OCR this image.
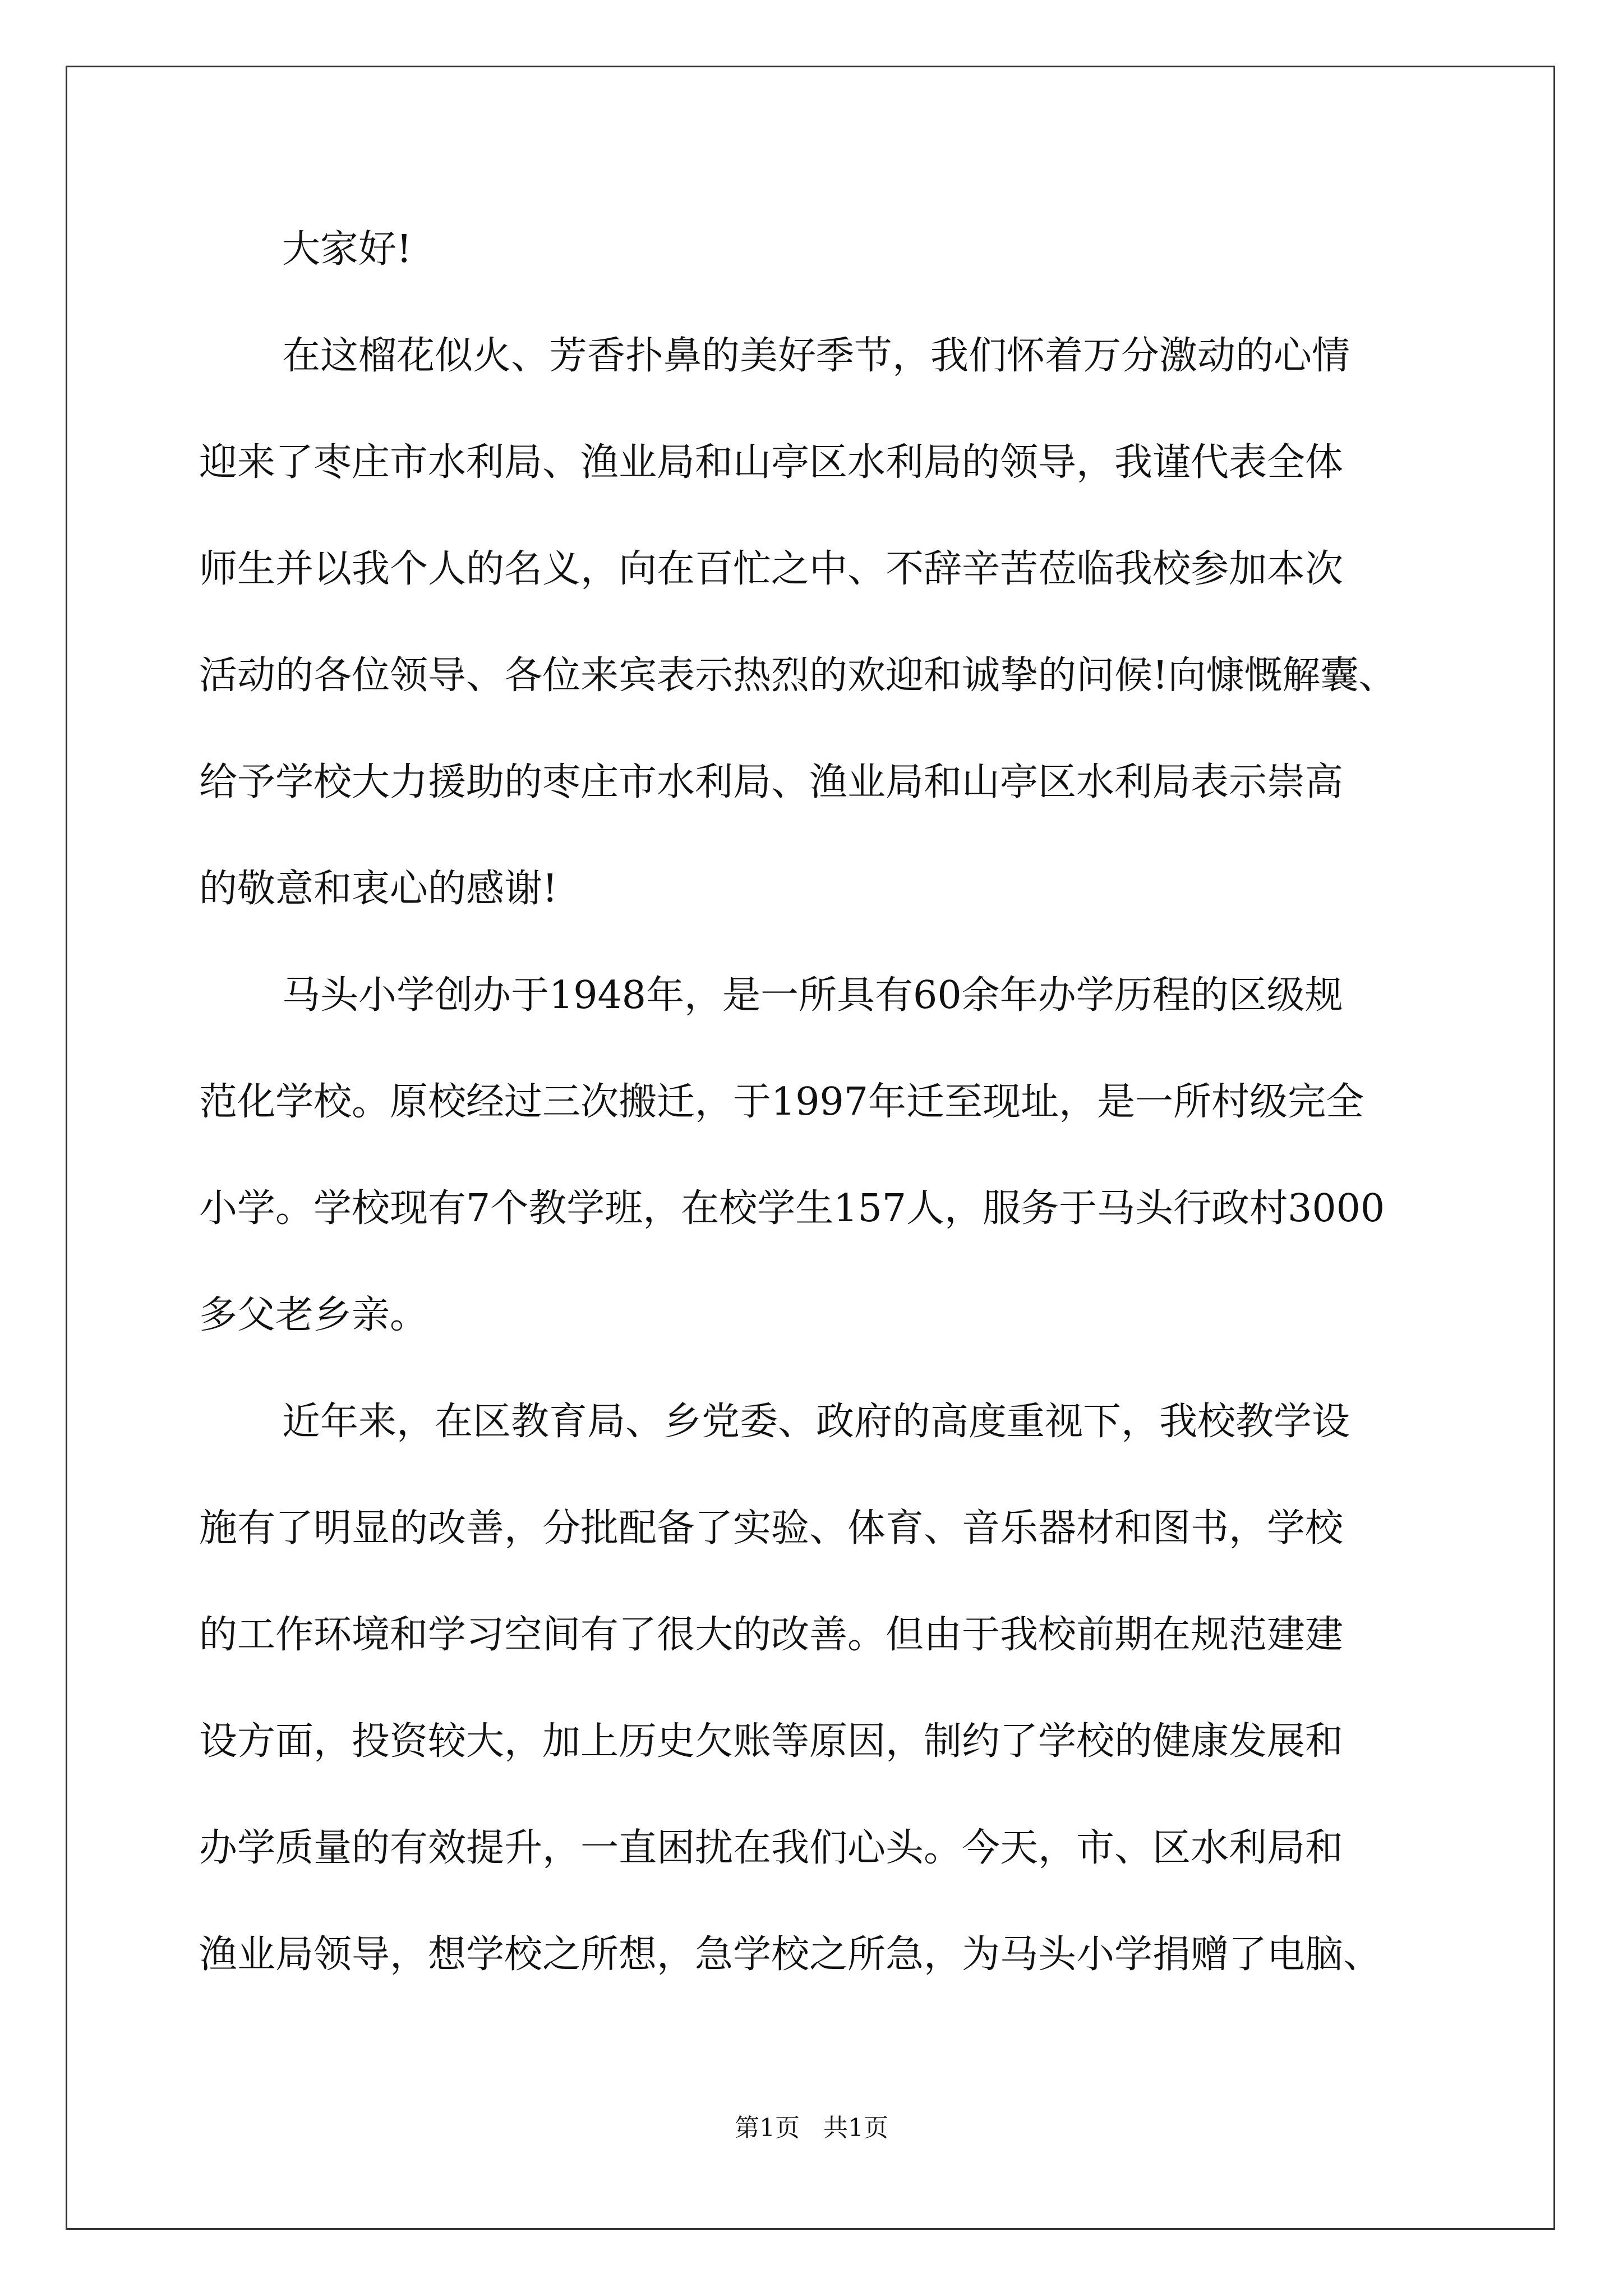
大家好!
在这榴花似火、芳香扑鼻的美好季节，我们怀着万分激动的心情
迎来了枣庄市水利局、渔业局和山亭区水利局的领导，我谨代表全体
师生并以我个人的名义，向在百忙之中、不辞辛苦莅临我校参加本次
活动的各位领导、各位来宾表示热烈的欢迎和诚挚的问候!向慷慨解囊、
给予学校大力援助的枣庄市水利局、渔业局和山亭区水利局表示崇高
的敬意和衷心的感谢!
马头小学创办于1948年，是一所具有60余年办学历程的区级规
范化学校。原校经过三次搬迁，于1997年迁至现址，是一所村级完全
小学。学校现有7个教学班，在校学生157人，服务于马头行政村3000
多父老乡亲。
近年来，在区教育局、乡党委、政府的高度重视下，我校教学设
施有了明显的改善，分批配备了实验、体育、音乐器材和图书，学校
的工作环境和学习空间有了很大的改善。但由于我校前期在规范建建
设方面，投资较大，加上历史欠账等原因，制约了学校的健康发展和
办学质量的有效提升，一直困扰在我们心头。今天，市、区水利局和
渔业局领导，想学校之所想，急学校之所急，为马头小学捐赠了电脑、
第1页   共1页
